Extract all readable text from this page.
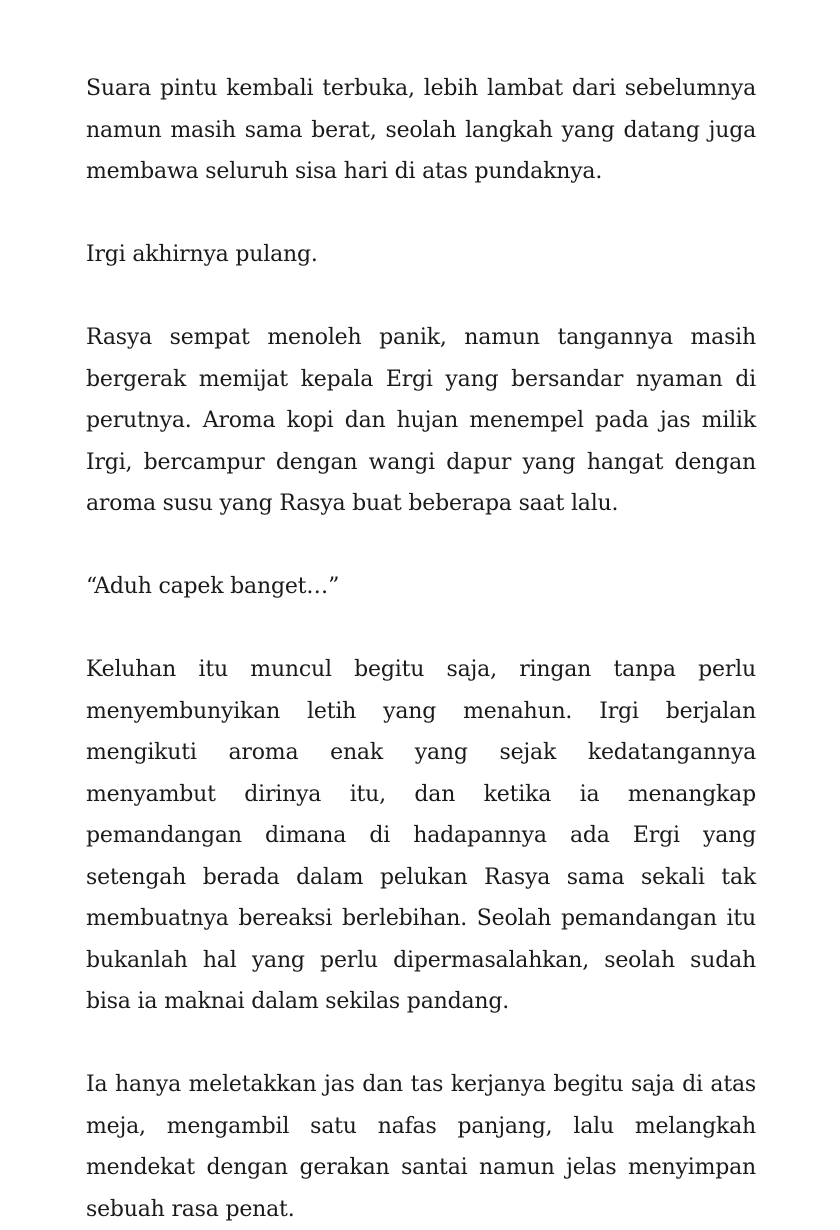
Suara pintu kembali terbuka, lebih lambat dari sebelumnya namun masih sama berat, seolah langkah yang datang juga membawa seluruh sisa hari di atas pundaknya.

Irgi akhirnya pulang.

Rasya sempat menoleh panik, namun tangannya masih bergerak memijat kepala Ergi yang bersandar nyaman di perutnya. Aroma kopi dan hujan menempel pada jas milik Irgi, bercampur dengan wangi dapur yang hangat dengan aroma susu yang Rasya buat beberapa saat lalu.

“Aduh capek banget…”

Keluhan itu muncul begitu saja, ringan tanpa perlu menyembunyikan letih yang menahun. Irgi berjalan mengikuti aroma enak yang sejak kedatangannya menyambut dirinya itu, dan ketika ia menangkap pemandangan dimana di hadapannya ada Ergi yang setengah berada dalam pelukan Rasya sama sekali tak membuatnya bereaksi berlebihan. Seolah pemandangan itu bukanlah hal yang perlu dipermasalahkan, seolah sudah bisa ia maknai dalam sekilas pandang.

Ia hanya meletakkan jas dan tas kerjanya begitu saja di atas meja, mengambil satu nafas panjang, lalu melangkah mendekat dengan gerakan santai namun jelas menyimpan sebuah rasa penat.
